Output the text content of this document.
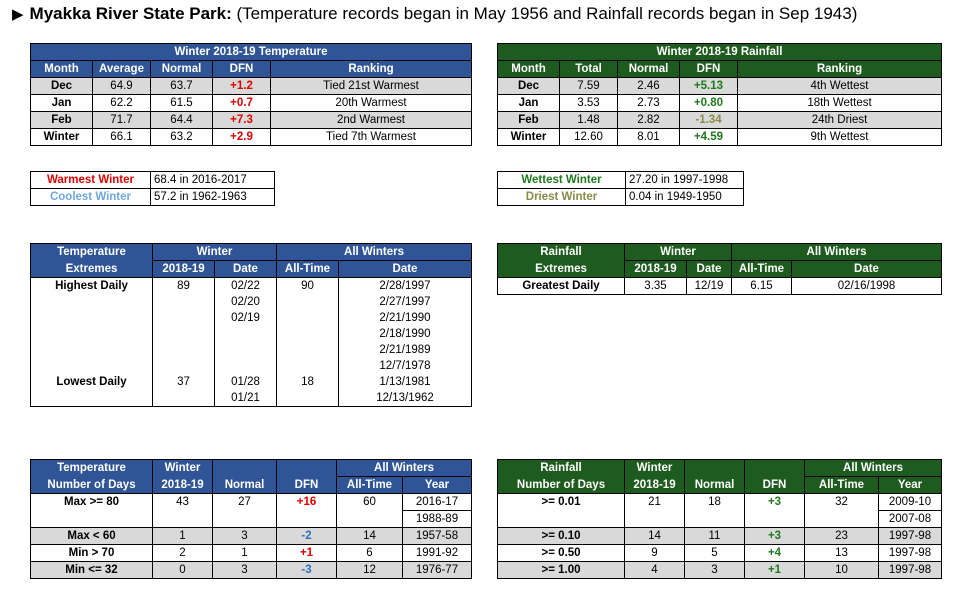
▶ Myakka River State Park: (Temperature records began in May 1956 and Rainfall records began in Sep 1943)
Winter 2018-19 Temperature				
Month	Average	Normal	DFN	Ranking
Dec	64.9	63.7	+1.2	Tied 21st Warmest
Jan	62.2	61.5	+0.7	20th Warmest
Feb	71.7	64.4	+7.3	2nd Warmest
Winter	66.1	63.2	+2.9	Tied 7th Warmest
Winter 2018-19 Rainfall				
Month	Total	Normal	DFN	Ranking
Dec	7.59	2.46	+5.13	4th Wettest
Jan	3.53	2.73	+0.80	18th Wettest
Feb	1.48	2.82	-1.34	24th Driest
Winter	12.60	8.01	+4.59	9th Wettest
Warmest Winter	68.4 in 2016-2017
Coolest Winter	57.2 in 1962-1963
Wettest Winter	27.20 in 1997-1998
Driest Winter	0.04 in 1949-1950
Temperature	Winter		All Winters	
Extremes	2018-19	Date	All-Time	Date
Highest Daily	89	02/22	90	2/28/1997
		02/20		2/27/1997
		02/19		2/21/1990
				2/18/1990
				2/21/1989
				12/7/1978
Lowest Daily	37	01/28	18	1/13/1981
		01/21		12/13/1962
Rainfall	Winter		All Winters	
Extremes	2018-19	Date	All-Time	Date
Greatest Daily	3.35	12/19	6.15	02/16/1998
Temperature	Winter			All Winters	
Number of Days	2018-19	Normal	DFN	All-Time	Year
Max >= 80	43	27	+16	60	2016-17
					1988-89
Max < 60	1	3	-2	14	1957-58
Min > 70	2	1	+1	6	1991-92
Min <= 32	0	3	-3	12	1976-77
Rainfall	Winter			All Winters	
Number of Days	2018-19	Normal	DFN	All-Time	Year
>= 0.01	21	18	+3	32	2009-10
					2007-08
>= 0.10	14	11	+3	23	1997-98
>= 0.50	9	5	+4	13	1997-98
>= 1.00	4	3	+1	10	1997-98
